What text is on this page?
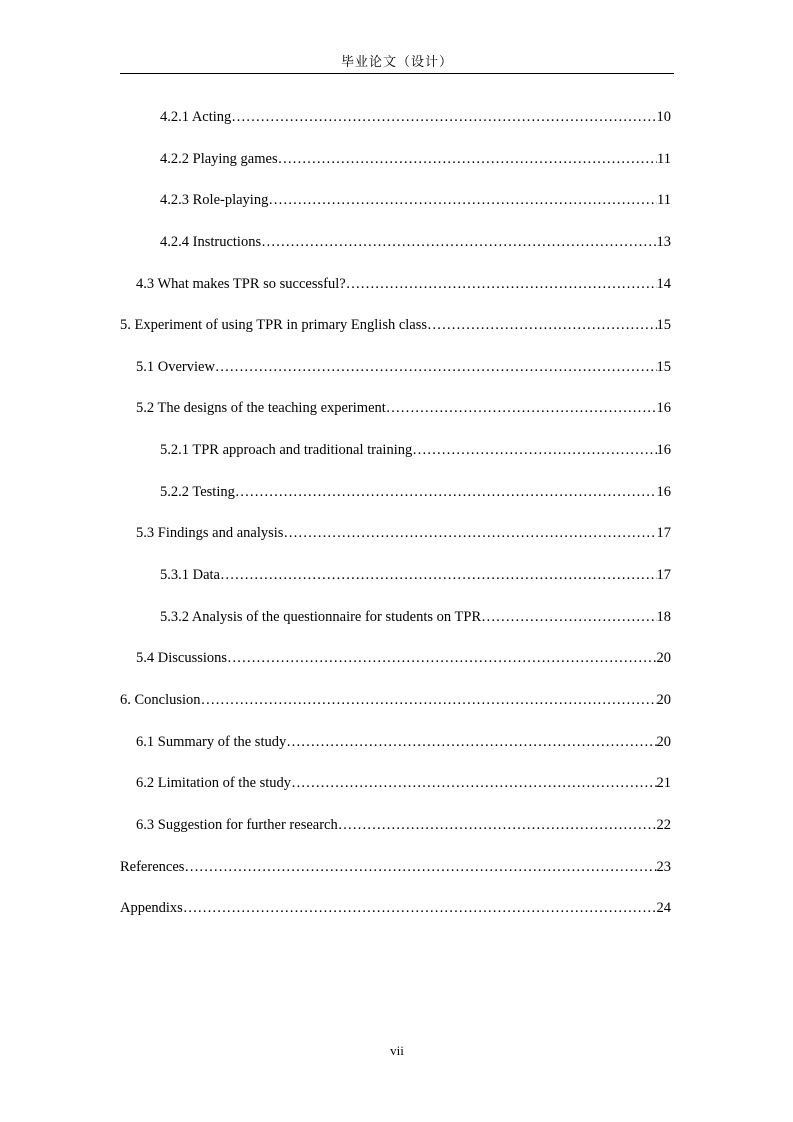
毕业论文（设计）
4.2.1 Acting ……………………………………………………………………………………………………………………………………………………………………………………………	10
4.2.2 Playing games ……………………………………………………………………………………………………………………………………………………………………………………………	11
4.2.3 Role-playing ……………………………………………………………………………………………………………………………………………………………………………………………	11
4.2.4 Instructions ……………………………………………………………………………………………………………………………………………………………………………………………	13
4.3 What makes TPR so successful? ……………………………………………………………………………………………………………………………………………………………………………………………	14
5. Experiment of using TPR in primary English class ……………………………………………………………………………………………………………………………………………………………………………………………	15
5.1 Overview ……………………………………………………………………………………………………………………………………………………………………………………………	15
5.2 The designs of the teaching experiment ……………………………………………………………………………………………………………………………………………………………………………………………	16
5.2.1 TPR approach and traditional training ……………………………………………………………………………………………………………………………………………………………………………………………	16
5.2.2 Testing ……………………………………………………………………………………………………………………………………………………………………………………………	16
5.3 Findings and analysis ……………………………………………………………………………………………………………………………………………………………………………………………	17
5.3.1 Data ……………………………………………………………………………………………………………………………………………………………………………………………	17
5.3.2 Analysis of the questionnaire for students on TPR ……………………………………………………………………………………………………………………………………………………………………………………………	18
5.4 Discussions ……………………………………………………………………………………………………………………………………………………………………………………………	20
6. Conclusion ……………………………………………………………………………………………………………………………………………………………………………………………	20
6.1 Summary of the study ……………………………………………………………………………………………………………………………………………………………………………………………	20
6.2 Limitation of the study ……………………………………………………………………………………………………………………………………………………………………………………………	21
6.3 Suggestion for further research ……………………………………………………………………………………………………………………………………………………………………………………………	22
References ……………………………………………………………………………………………………………………………………………………………………………………………	23
Appendixs ……………………………………………………………………………………………………………………………………………………………………………………………	24
vii
